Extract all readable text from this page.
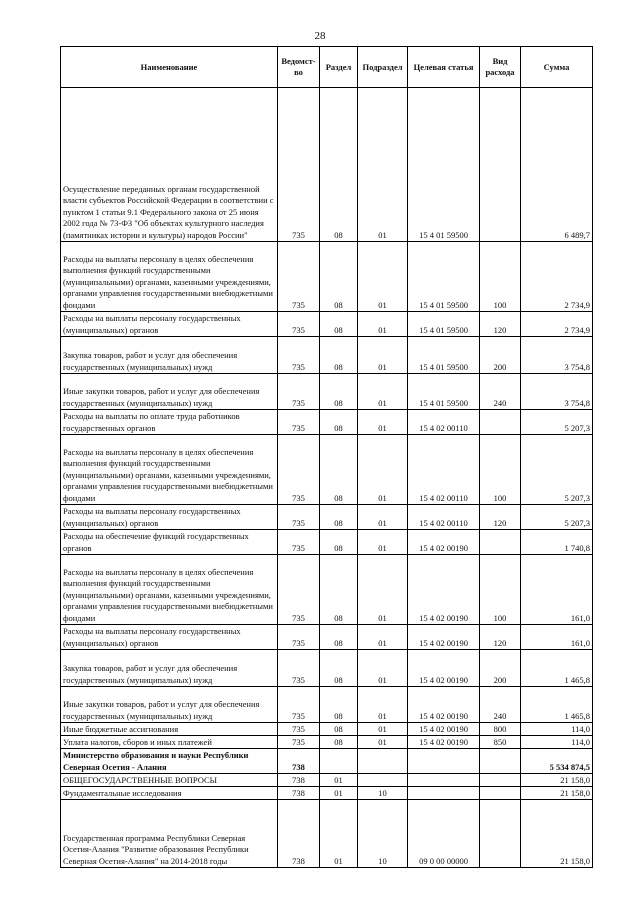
28
Наименование	Ведомст-во	Раздел	Подраздел	Целевая статья	Вид расхода	Сумма
Осуществление переданных органам государственной власти субъектов Российской Федерации в соответствии с пунктом 1 статьи 9.1 Федерального закона от 25 июня 2002 года № 73-ФЗ "Об объектах культурного наследия (памятниках истории и культуры) народов России"	735	08	01	15 4 01 59500		6 489,7
Расходы на выплаты персоналу в целях обеспечения выполнения функций государственными (муниципальными) органами, казенными учреждениями, органами управления государственными внебюджетными фондами	735	08	01	15 4 01 59500	100	2 734,9
Расходы на выплаты персоналу государственных (муниципальных) органов	735	08	01	15 4 01 59500	120	2 734,9
Закупка товаров, работ и услуг для обеспечения государственных (муниципальных) нужд	735	08	01	15 4 01 59500	200	3 754,8
Иные закупки товаров, работ и услуг для обеспечения государственных (муниципальных) нужд	735	08	01	15 4 01 59500	240	3 754,8
Расходы на выплаты по оплате труда работников государственных органов	735	08	01	15 4 02 00110		5 207,3
Расходы на выплаты персоналу в целях обеспечения выполнения функций государственными (муниципальными) органами, казенными учреждениями, органами управления государственными внебюджетными фондами	735	08	01	15 4 02 00110	100	5 207,3
Расходы на выплаты персоналу государственных (муниципальных) органов	735	08	01	15 4 02 00110	120	5 207,3
Расходы на обеспечение функций государственных органов	735	08	01	15 4 02 00190		1 740,8
Расходы на выплаты персоналу в целях обеспечения выполнения функций государственными (муниципальными) органами, казенными учреждениями, органами управления государственными внебюджетными фондами	735	08	01	15 4 02 00190	100	161,0
Расходы на выплаты персоналу государственных (муниципальных) органов	735	08	01	15 4 02 00190	120	161,0
Закупка товаров, работ и услуг для обеспечения государственных (муниципальных) нужд	735	08	01	15 4 02 00190	200	1 465,8
Иные закупки товаров, работ и услуг для обеспечения государственных (муниципальных) нужд	735	08	01	15 4 02 00190	240	1 465,8
Иные бюджетные ассигнования	735	08	01	15 4 02 00190	800	114,0
Уплата налогов, сборов и иных платежей	735	08	01	15 4 02 00190	850	114,0
Министерство образования и науки Республики Северная Осетия - Алания	738					5 534 874,5
ОБЩЕГОСУДАРСТВЕННЫЕ ВОПРОСЫ	738	01				21 158,0
Фундаментальные исследования	738	01	10			21 158,0
Государственная программа Республики Северная Осетия-Алания "Развитие образования Республики Северная Осетия-Алания" на 2014-2018 годы	738	01	10	09 0 00 00000		21 158,0
